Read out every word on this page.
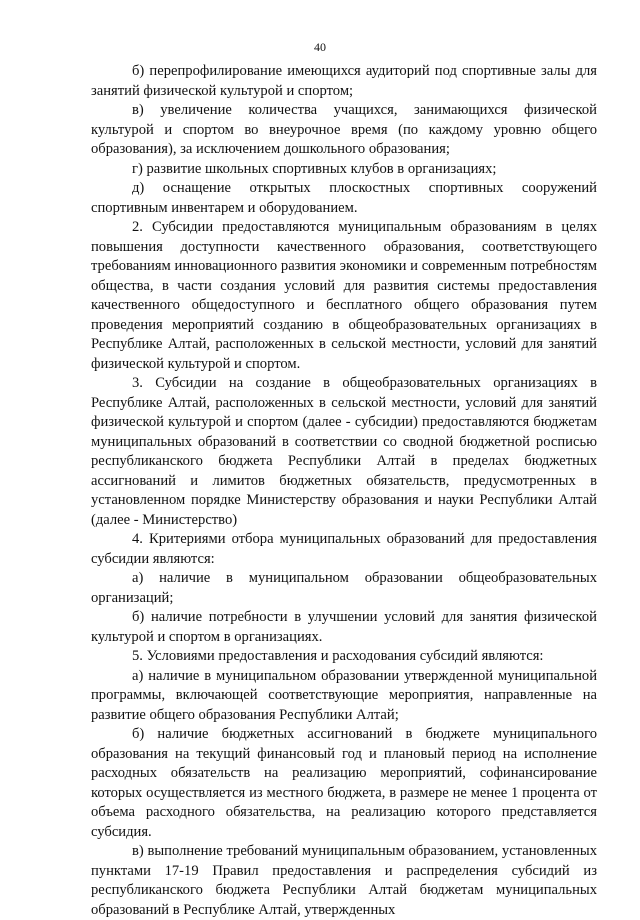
40

б) перепрофилирование имеющихся аудиторий под спортивные залы для занятий физической культурой и спортом;

в) увеличение количества учащихся, занимающихся физической культурой и спортом во внеурочное время (по каждому уровню общего образования), за исключением дошкольного образования;

г) развитие школьных спортивных клубов в организациях;

д) оснащение открытых плоскостных спортивных сооружений спортивным инвентарем и оборудованием.

2. Субсидии предоставляются муниципальным образованиям в целях повышения доступности качественного образования, соответствующего требованиям инновационного развития экономики и современным потребностям общества, в части создания условий для развития системы предоставления качественного общедоступного и бесплатного общего образования путем проведения мероприятий созданию в общеобразовательных организациях в Республике Алтай, расположенных в сельской местности, условий для занятий физической культурой и спортом.

3. Субсидии на создание в общеобразовательных организациях в Республике Алтай, расположенных в сельской местности, условий для занятий физической культурой и спортом (далее - субсидии) предоставляются бюджетам муниципальных образований в соответствии со сводной бюджетной росписью республиканского бюджета Республики Алтай в пределах бюджетных ассигнований и лимитов бюджетных обязательств, предусмотренных в установленном порядке Министерству образования и науки Республики Алтай (далее - Министерство)

4. Критериями отбора муниципальных образований для предоставления субсидии являются:

а) наличие в муниципальном образовании общеобразовательных организаций;

б) наличие потребности в улучшении условий для занятия физической культурой и спортом в организациях.

5. Условиями предоставления и расходования субсидий являются:

а) наличие в муниципальном образовании утвержденной муниципальной программы, включающей соответствующие мероприятия, направленные на развитие общего образования Республики Алтай;

б) наличие бюджетных ассигнований в бюджете муниципального образования на текущий финансовый год и плановый период на исполнение расходных обязательств на реализацию мероприятий, софинансирование которых осуществляется из местного бюджета, в размере не менее 1 процента от объема расходного обязательства, на реализацию которого представляется субсидия.

в) выполнение требований муниципальным образованием, установленных пунктами 17-19 Правил предоставления и распределения субсидий из республиканского бюджета Республики Алтай бюджетам муниципальных образований в Республике Алтай, утвержденных
